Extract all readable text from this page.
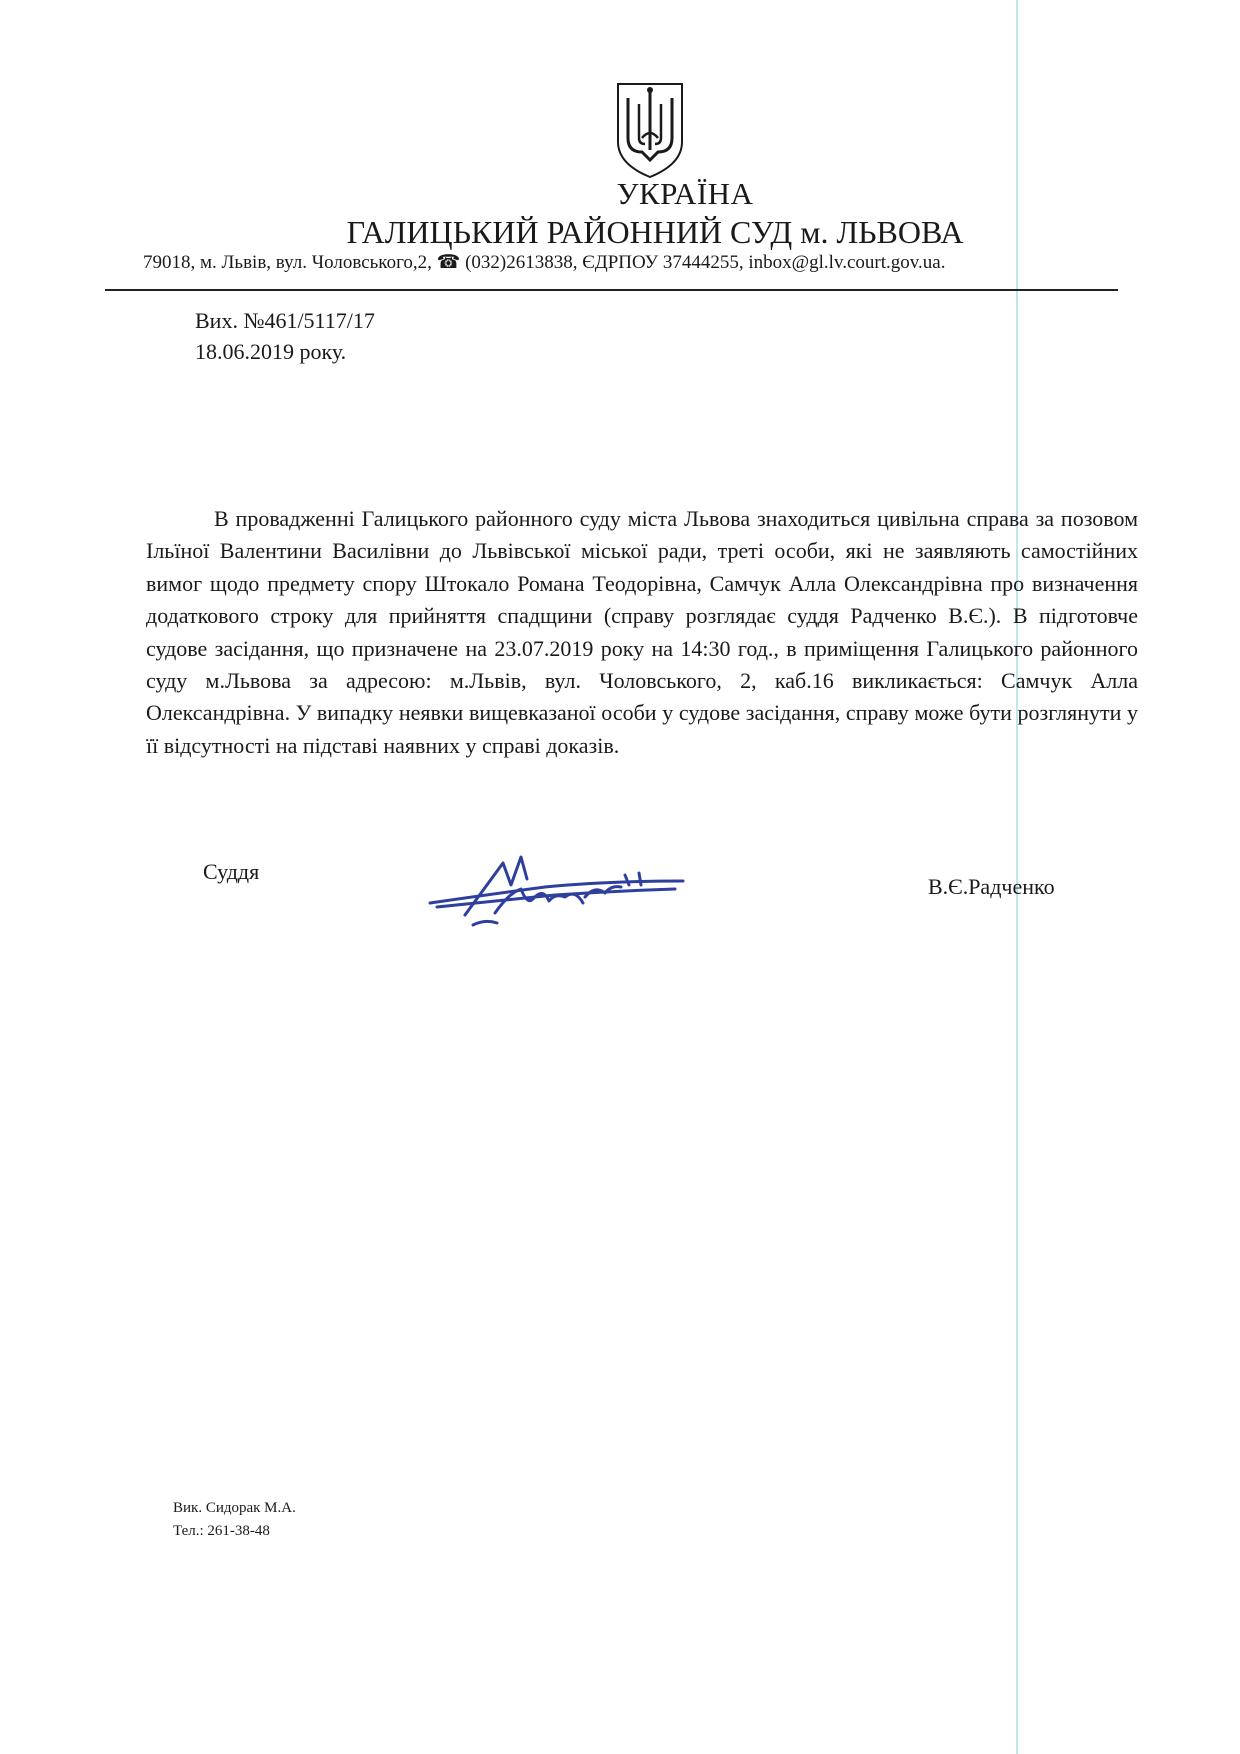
УКРАЇНА
ГАЛИЦЬКИЙ РАЙОННИЙ СУД м. ЛЬВОВА
79018, м. Львів, вул. Чоловського,2, ☎ (032)2613838, ЄДРПОУ 37444255, inbox@gl.lv.court.gov.ua.
Вих. №461/5117/17
18.06.2019 року.

В провадженні Галицького районного суду міста Львова знаходиться цивільна справа за позовом Ільїної Валентини Василівни до Львівської міської ради, треті особи, які не заявляють самостійних вимог щодо предмету спору Штокало Романа Теодорівна, Самчук Алла Олександрівна про визначення додаткового строку для прийняття спадщини (справу розглядає суддя Радченко В.Є.). В підготовче судове засідання, що призначене на 23.07.2019 року на 14:30 год., в приміщення Галицького районного суду м.Львова за адресою: м.Львів, вул. Чоловського, 2, каб.16 викликається: Самчук Алла Олександрівна. У випадку неявки вищевказаної особи у судове засідання, справу може бути розглянути у її відсутності на підставі наявних у справі доказів.

Суддя
В.Є.Радченко
Вик. Сидорак М.А.
Тел.: 261-38-48
